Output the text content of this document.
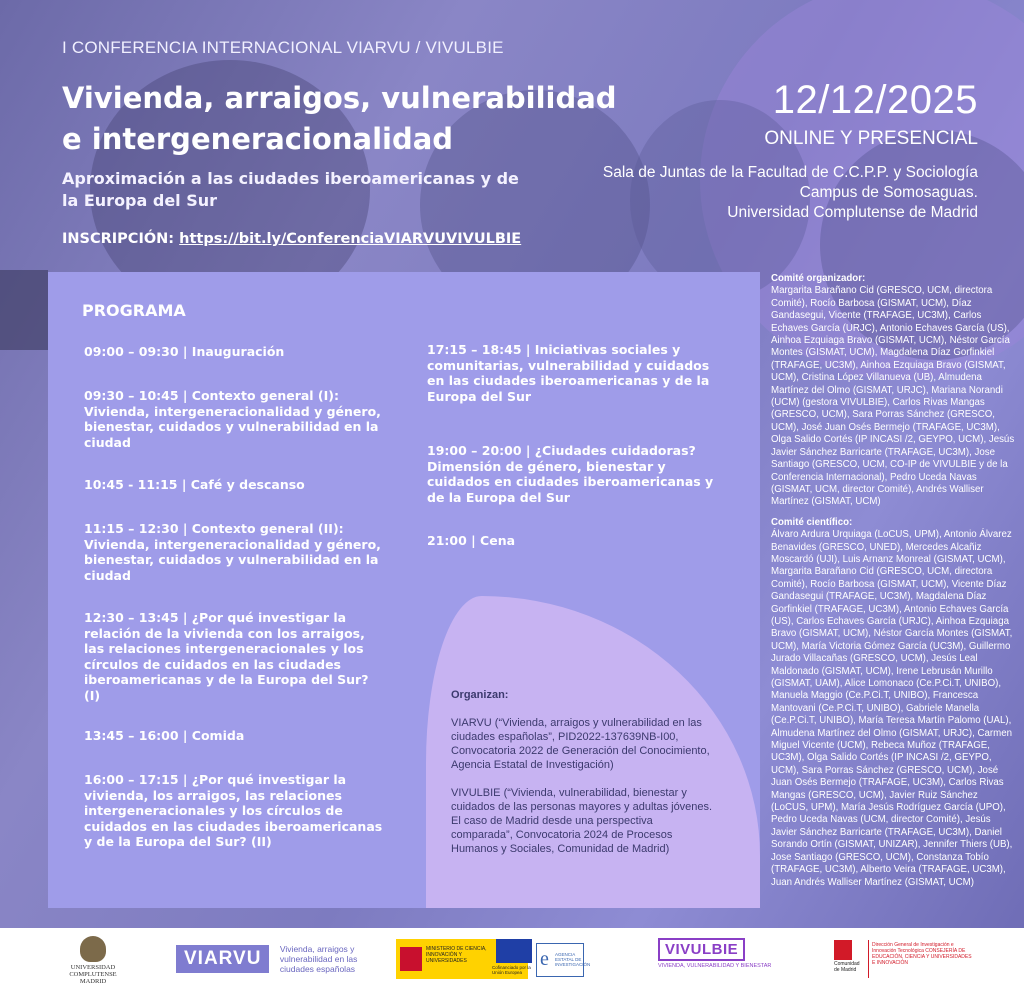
I CONFERENCIA INTERNACIONAL VIARVU / VIVULBIE
Vivienda, arraigos, vulnerabilidad e intergeneracionalidad
Aproximación a las ciudades iberoamericanas y de la Europa del Sur
INSCRIPCIÓN: https://bit.ly/ConferenciaVIARVUVIVULBIE
12/12/2025
ONLINE Y PRESENCIAL
Sala de Juntas de la Facultad de C.C.P.P. y Sociología
Campus de Somosaguas.
Universidad Complutense de Madrid
PROGRAMA
09:00 – 09:30 | Inauguración
09:30 – 10:45 | Contexto general (I): Vivienda, intergeneracionalidad y género, bienestar, cuidados y vulnerabilidad en la ciudad
10:45 - 11:15 | Café y descanso
11:15 – 12:30 | Contexto general (II): Vivienda, intergeneracionalidad y género, bienestar, cuidados y vulnerabilidad en la ciudad
12:30 – 13:45 | ¿Por qué investigar la relación de la vivienda con los arraigos, las relaciones intergeneracionales y los círculos de cuidados en las ciudades iberoamericanas y de la Europa del Sur? (I)
13:45 – 16:00 | Comida
16:00 – 17:15 | ¿Por qué investigar la vivienda, los arraigos, las relaciones intergeneracionales y los círculos de cuidados en las ciudades iberoamericanas y de la Europa del Sur? (II)
17:15 – 18:45 | Iniciativas sociales y comunitarias, vulnerabilidad y cuidados en las ciudades iberoamericanas y de la Europa del Sur
19:00 – 20:00 | ¿Ciudades cuidadoras? Dimensión de género, bienestar y cuidados en ciudades iberoamericanas y de la Europa del Sur
21:00 | Cena
Organizan:

VIARVU (“Vivienda, arraigos y vulnerabilidad en las ciudades españolas”, PID2022-137639NB-I00, Convocatoria 2022 de Generación del Conocimiento, Agencia Estatal de Investigación)

VIVULBIE (“Vivienda, vulnerabilidad, bienestar y cuidados de las personas mayores y adultas jóvenes. El caso de Madrid desde una perspectiva comparada”, Convocatoria 2024 de Procesos Humanos y Sociales, Comunidad de Madrid)

Comité organizador:
Margarita Barañano Cid (GRESCO, UCM, directora Comité), Rocío Barbosa (GISMAT, UCM), Díaz Gandasegui, Vicente (TRAFAGE, UC3M), Carlos Echaves García (URJC), Antonio Echaves García (US), Ainhoa Ezquiaga Bravo (GISMAT, UCM), Néstor García Montes (GISMAT, UCM), Magdalena Díaz Gorfinkiel (TRAFAGE, UC3M), Ainhoa Ezquiaga Bravo (GISMAT, UCM), Cristina López Villanueva (UB), Almudena Martínez del Olmo (GISMAT, URJC), Mariana Norandi (UCM) (gestora VIVULBIE), Carlos Rivas Mangas (GRESCO, UCM), Sara Porras Sánchez (GRESCO, UCM), José Juan Osés Bermejo (TRAFAGE, UC3M), Olga Salido Cortés (IP INCASI /2, GEYPO, UCM), Jesús Javier Sánchez Barricarte (TRAFAGE, UC3M), Jose Santiago (GRESCO, UCM, CO-IP de VIVULBIE y de la Conferencia Internacional), Pedro Uceda Navas (GISMAT, UCM, director Comité), Andrés Walliser Martínez (GISMAT, UCM)
Comité científico:
Álvaro Ardura Urquiaga (LoCUS, UPM), Antonio Álvarez Benavides (GRESCO, UNED), Mercedes Alcañiz Moscardó (UJI), Luis Arnanz Monreal (GISMAT, UCM), Margarita Barañano Cid (GRESCO, UCM, directora Comité), Rocío Barbosa (GISMAT, UCM), Vicente Díaz Gandasegui (TRAFAGE, UC3M), Magdalena Díaz Gorfinkiel (TRAFAGE, UC3M), Antonio Echaves García (US), Carlos Echaves García (URJC), Ainhoa Ezquiaga Bravo (GISMAT, UCM), Néstor García Montes (GISMAT, UCM), María Victoria Gómez García (UC3M), Guillermo Jurado Villacañas (GRESCO, UCM), Jesús Leal Maldonado (GISMAT, UCM), Irene Lebrusán Murillo (GISMAT, UAM), Alice Lomonaco (Ce.P.Ci.T, UNIBO), Manuela Maggio (Ce.P.Ci.T, UNIBO), Francesca Mantovani (Ce.P.Ci.T, UNIBO), Gabriele Manella (Ce.P.Ci.T, UNIBO), María Teresa Martín Palomo (UAL), Almudena Martínez del Olmo (GISMAT, URJC), Carmen Miguel Vicente (UCM), Rebeca Muñoz (TRAFAGE, UC3M), Olga Salido Cortés (IP INCASI /2, GEYPO, UCM), Sara Porras Sánchez (GRESCO, UCM), José Juan Osés Bermejo (TRAFAGE, UC3M), Carlos Rivas Mangas (GRESCO, UCM), Javier Ruiz Sánchez (LoCUS, UPM), María Jesús Rodríguez García (UPO), Pedro Uceda Navas (UCM, director Comité), Jesús Javier Sánchez Barricarte (TRAFAGE, UC3M), Daniel Sorando Ortín (GISMAT, UNIZAR), Jennifer Thiers (UB), Jose Santiago (GRESCO, UCM), Constanza Tobío (TRAFAGE, UC3M), Alberto Veira (TRAFAGE, UC3M), Juan Andrés Walliser Martínez (GISMAT, UCM)
UNIVERSIDAD
COMPLUTENSE
MADRID
VIARVU Vivienda, arraigos y vulnerabilidad en las ciudades españolas
MINISTERIO DE CIENCIA, INNOVACIÓN Y UNIVERSIDADES
Cofinanciado por la Unión Europea
e AGENCIA ESTATAL DE INVESTIGACIÓN
VIVULBIE
VIVIENDA, VULNERABILIDAD Y BIENESTAR	Comunidad de Madrid
Dirección General de Investigación e Innovación Tecnológica CONSEJERÍA DE EDUCACIÓN, CIENCIA Y UNIVERSIDADES E INNOVACIÓN
